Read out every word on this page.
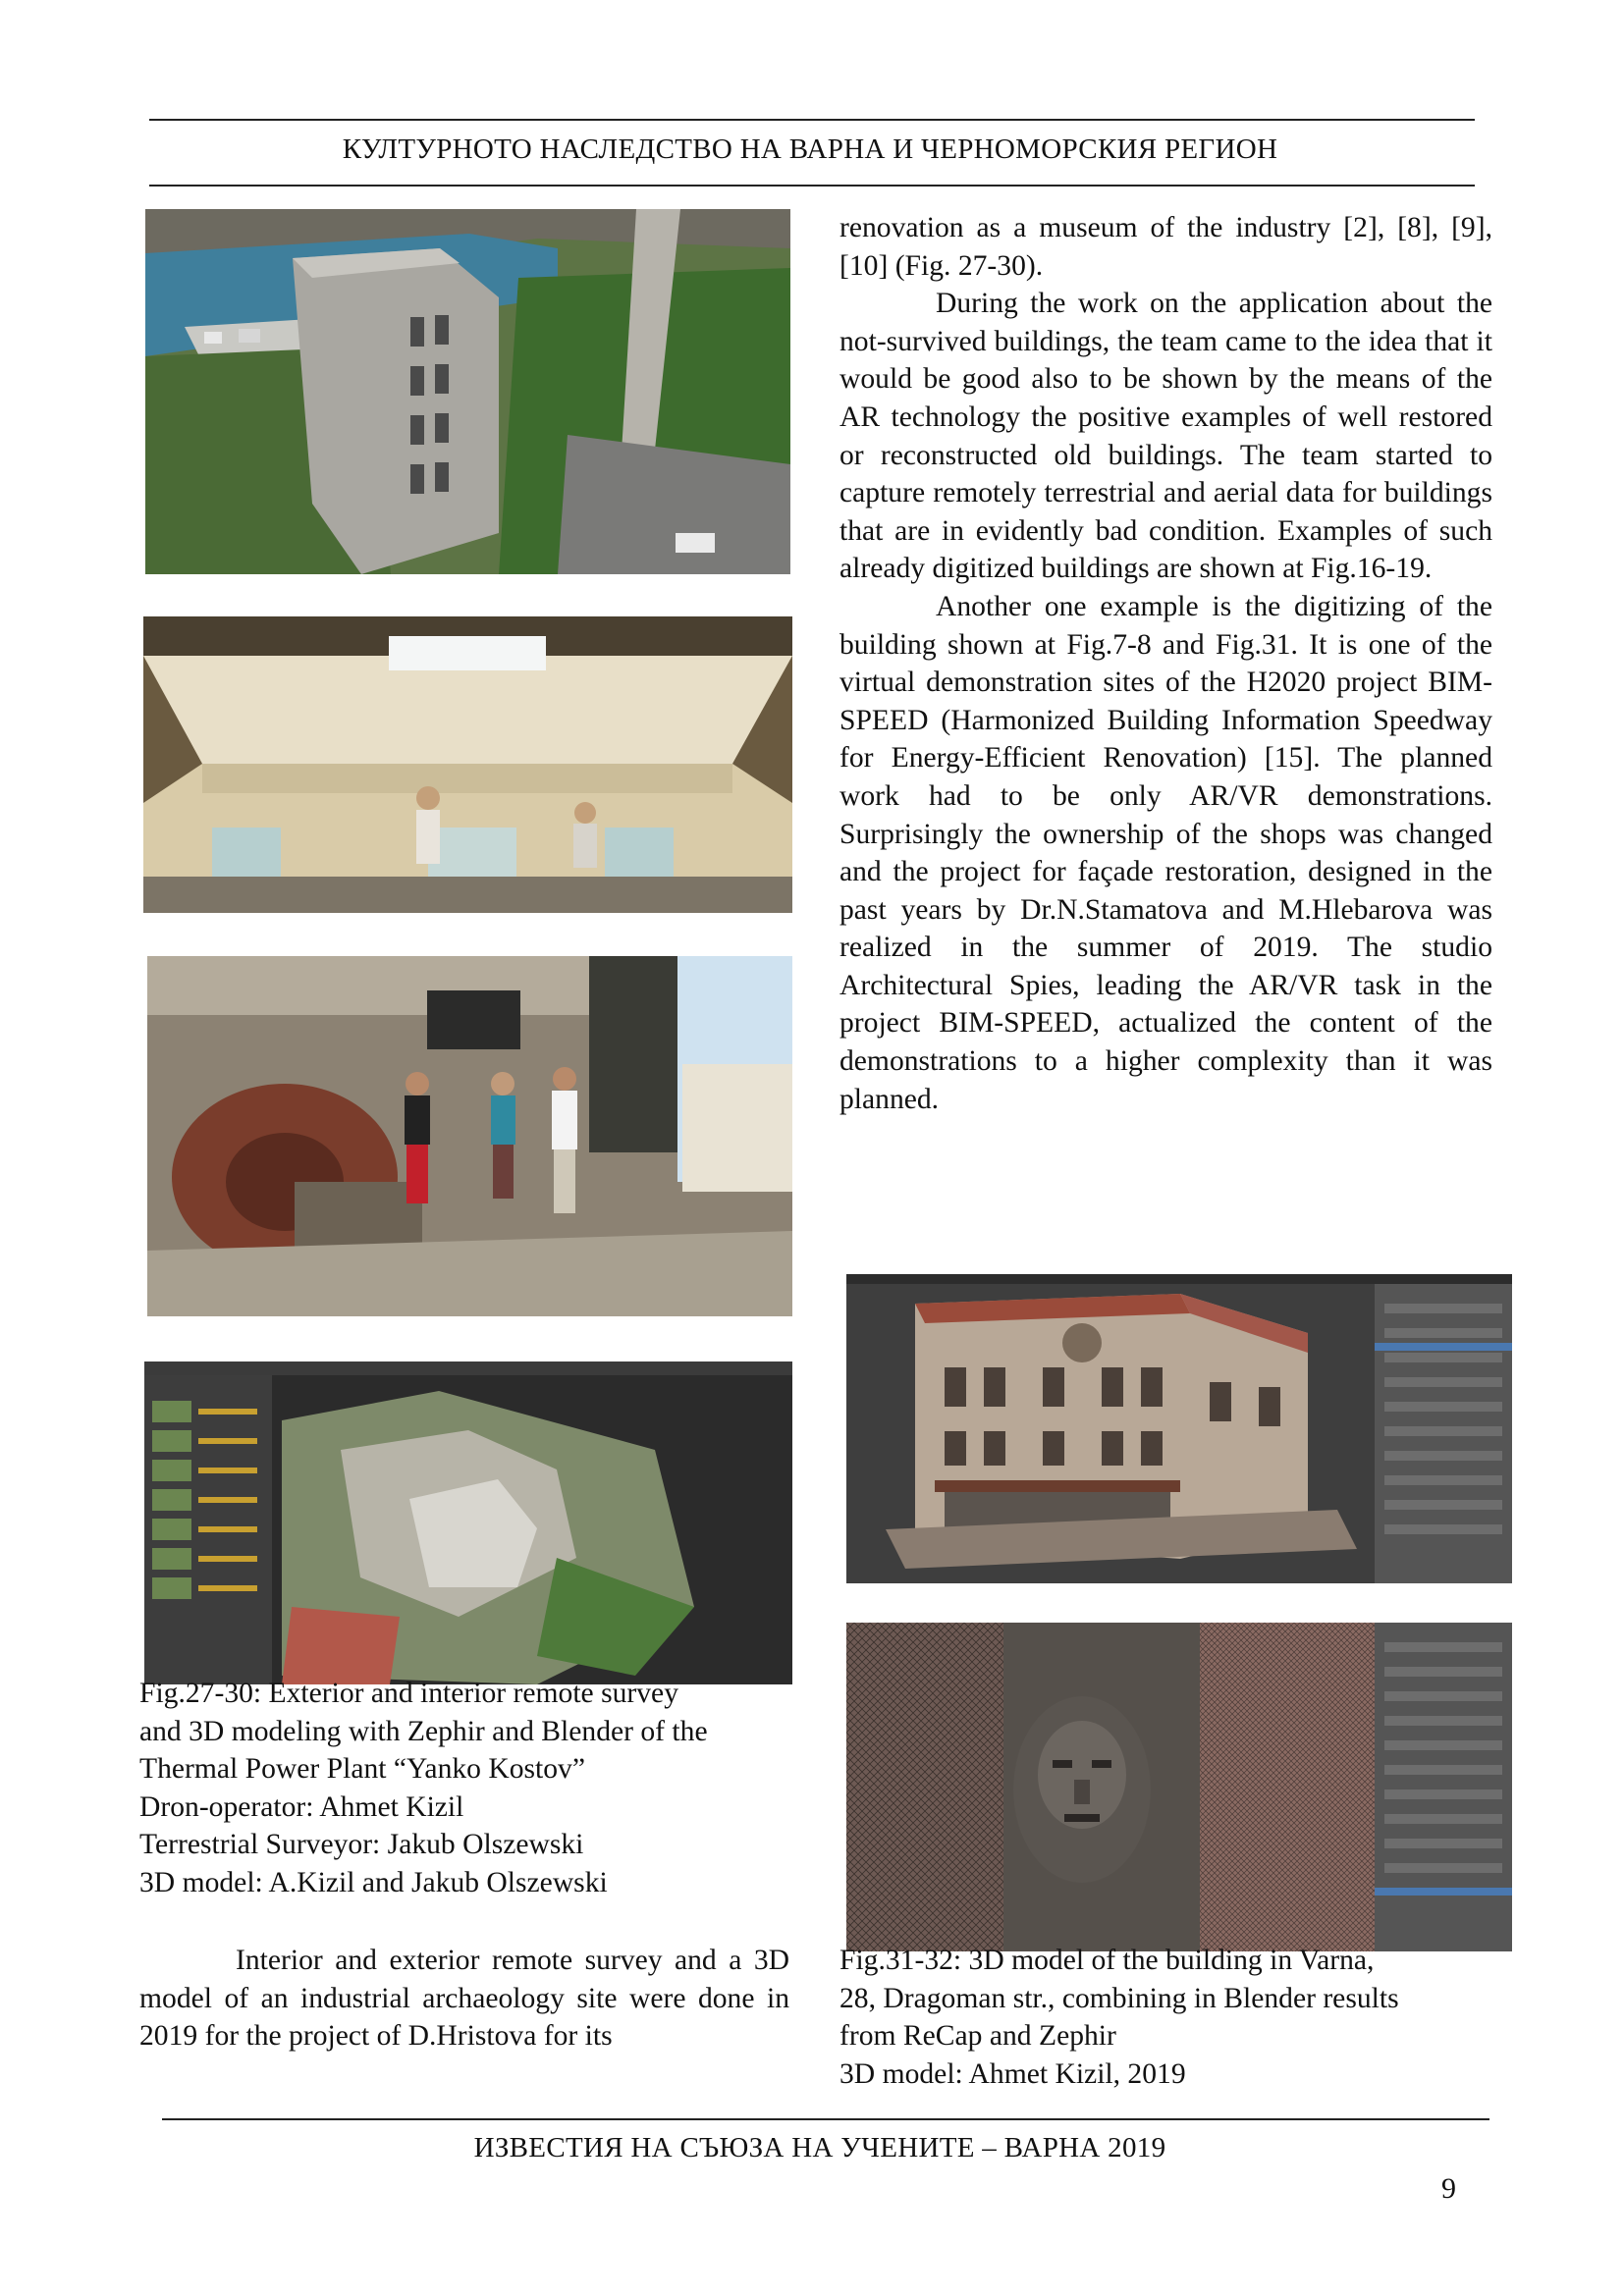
КУЛТУРНОТО НАСЛЕДСТВО НА ВАРНА И ЧЕРНОМОРСКИЯ РЕГИОН

renovation as a museum of the industry [2], [8], [9], [10] (Fig. 27-30).

During the work on the application about the not-survived buildings, the team came to the idea that it would be good also to be shown by the means of the AR technology the positive examples of well restored or reconstructed old buildings. The team started to capture remotely terrestrial and aerial data for buildings that are in evidently bad condition. Examples of such already digitized buildings are shown at Fig.16-19.

Another one example is the digitizing of the building shown at Fig.7-8 and Fig.31. It is one of the virtual demonstration sites of the H2020 project BIM-SPEED (Harmonized Building Information Speedway for Energy-Efficient Renovation) [15]. The planned work had to be only AR/VR demonstrations. Surprisingly the ownership of the shops was changed and the project for façade restoration, designed in the past years by Dr.N.Stamatova and M.Hlebarova was realized in the summer of 2019. The studio Architectural Spies, leading the AR/VR task in the project BIM-SPEED, actualized the content of the demonstrations to a higher complexity than it was planned.

Fig.27-30: Exterior and interior remote survey
and 3D modeling with Zephir and Blender of the
Thermal Power Plant “Yanko Kostov”
Dron-operator: Ahmet Kizil
Terrestrial Surveyor: Jakub Olszewski
3D model: A.Kizil and Jakub Olszewski

Interior and exterior remote survey and a 3D model of an industrial archaeology site were done in 2019 for the project of D.Hristova for its

Fig.31-32: 3D model of the building in Varna,
28, Dragoman str., combining in Blender results
from ReCap and Zephir
3D model: Ahmet Kizil, 2019
ИЗВЕСТИЯ НА СЪЮЗА НА УЧЕНИТЕ – ВАРНА 2019
9
